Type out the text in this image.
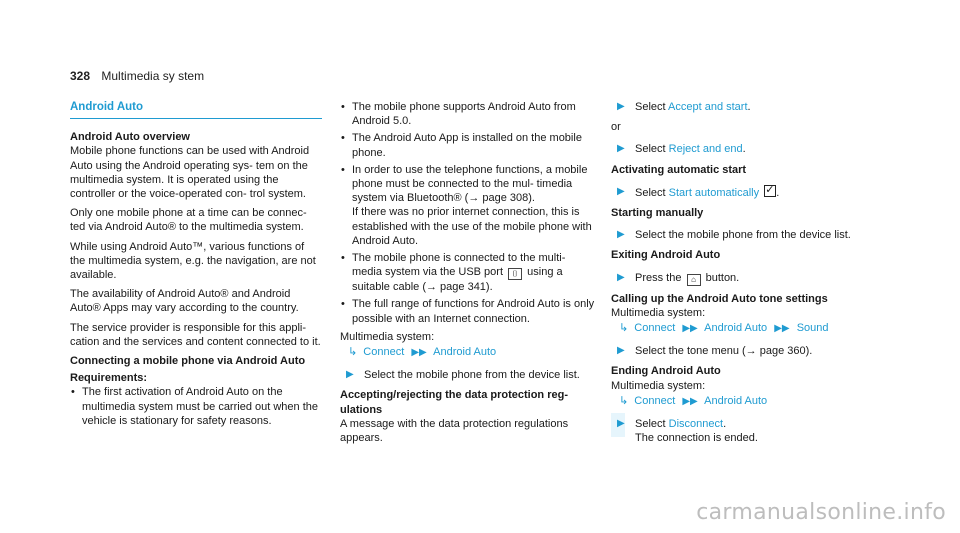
328 Multimedia sy stem
Android Auto
Android Auto overview

Mobile phone functions can be used with Android Auto using the Android operating sys- tem on the multimedia system. It is operated using the controller or the voice-operated con- trol system.

Only one mobile phone at a time can be connec- ted via Android Auto® to the multimedia system.

While using Android Auto™, various functions of the multimedia system, e.g. the navigation, are not available.

The availability of Android Auto® and Android Auto® Apps may vary according to the country.

The service provider is responsible for this appli- cation and the services and content connected to it.

Connecting a mobile phone via Android Auto
Requirements:
• The first activation of Android Auto on the multimedia system must be carried out when the vehicle is stationary for safety reasons.
• The mobile phone supports Android Auto from Android 5.0.
• The Android Auto App is installed on the mobile phone.
• In order to use the telephone functions, a mobile phone must be connected to the mul- timedia system via Bluetooth® (→ page 308).
If there was no prior internet connection, this is established with the use of the mobile phone with Android Auto.
• The mobile phone is connected to the multi- media system via the USB port ⌷ using a suitable cable (→ page 341).
• The full range of functions for Android Auto is only possible with an Internet connection.
Multimedia system:
↳ Connect ▶▶ Android Auto
▶ Select the mobile phone from the device list.
Accepting/rejecting the data protection reg- ulations

A message with the data protection regulations appears.

▶ Select Accept and start.
or
▶ Select Reject and end.
Activating automatic start
▶ Select Start automatically ✓ .
Starting manually
▶ Select the mobile phone from the device list.
Exiting Android Auto
▶ Press the ⌂ button.
Calling up the Android Auto tone settings
Multimedia system:
↳ Connect ▶▶ Android Auto ▶▶ Sound
▶ Select the tone menu (→ page 360).
Ending Android Auto
Multimedia system:
↳ Connect ▶▶ Android Auto
▶ Select Disconnect.
The connection is ended.
carmanualsonline.info
